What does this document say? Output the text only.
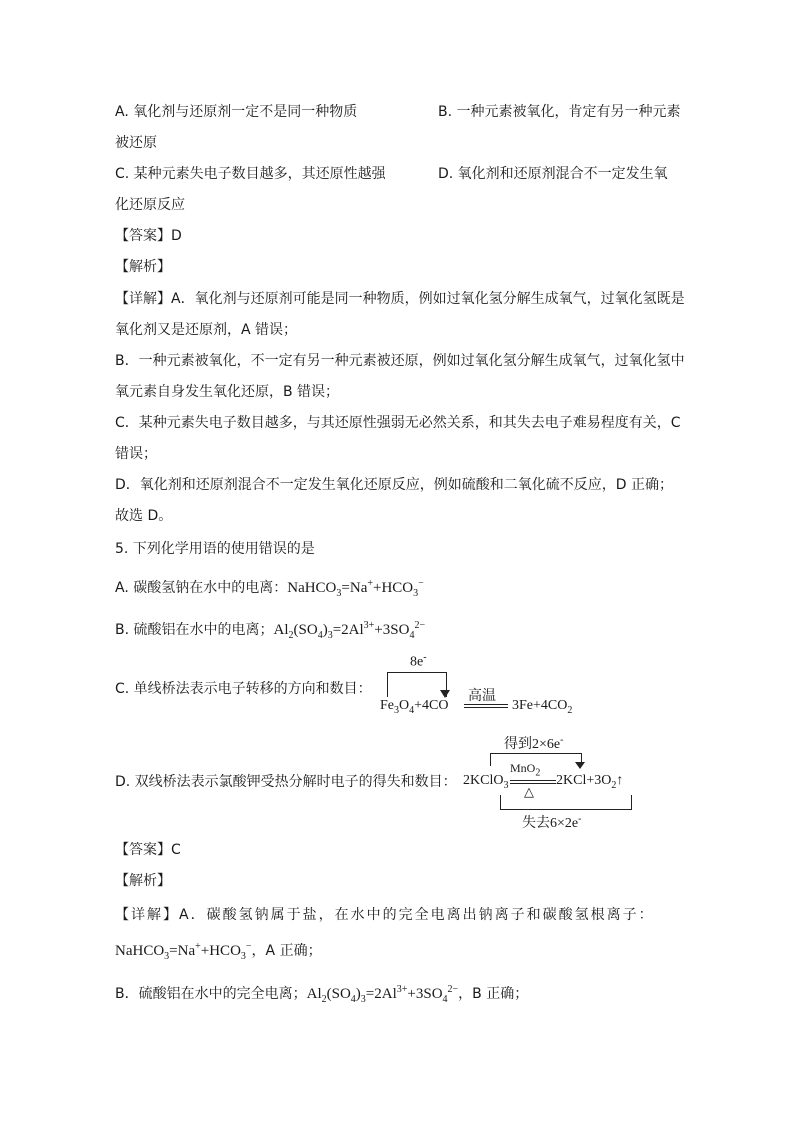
A. 氧化剂与还原剂一定不是同一种物质	B. 一种元素被氧化，肯定有另一种元素
被还原
C. 某种元素失电子数目越多，其还原性越强	D. 氧化剂和还原剂混合不一定发生氧
化还原反应
【答案】D
【解析】
【详解】A．氧化剂与还原剂可能是同一种物质，例如过氧化氢分解生成氧气，过氧化氢既是
氧化剂又是还原剂，A 错误；
B．一种元素被氧化，不一定有另一种元素被还原，例如过氧化氢分解生成氧气，过氧化氢中
氧元素自身发生氧化还原，B 错误；
C．某种元素失电子数目越多，与其还原性强弱无必然关系，和其失去电子难易程度有关，C
错误；
D．氧化剂和还原剂混合不一定发生氧化还原反应，例如硫酸和二氧化硫不反应，D 正确；
故选 D。
5. 下列化学用语的使用错误的是
A. 碳酸氢钠在水中的电离：$NaHCO_3=Na^++HCO_3^-$
B. 硫酸铝在水中的电离；$Al_2(SO_4)_3=2Al^{3+}+3SO_4^{2-}$
C. 单线桥法表示电子转移的方向和数目：
8e-
$Fe_3O_4+4CO$
高温
$3Fe+4CO_2$
D. 双线桥法表示氯酸钾受热分解时电子的得失和数目：
得到2×6e-
MnO$_2$
2KClO$_3$ △
$2KCl+3O_2↑$
失去6×2e-
【答案】C
【解析】
【详解】A．碳酸氢钠属于盐，在水中的完全电离出钠离子和碳酸氢根离子：
$NaHCO_3=Na^++HCO_3^-$，A 正确；
B．硫酸铝在水中的完全电离；$Al_2(SO_4)_3=2Al^{3+}+3SO_4^{2-}$，B 正确；
